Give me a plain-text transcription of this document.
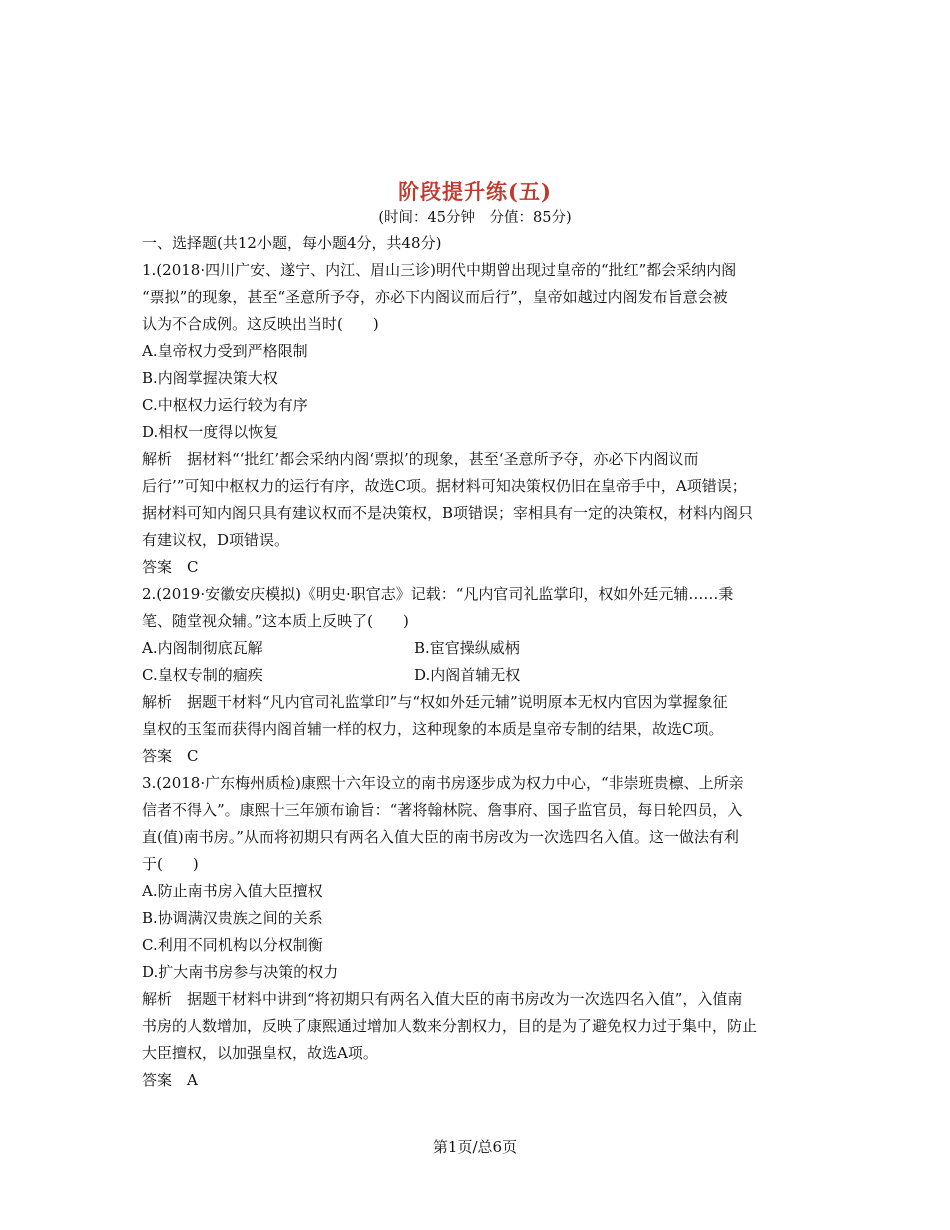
阶段提升练(五)
(时间：45分钟　分值：85分)
一、选择题(共12小题，每小题4分，共48分)
1.(2018·四川广安、遂宁、内江、眉山三诊)明代中期曾出现过皇帝的“批红”都会采纳内阁
“票拟”的现象，甚至“圣意所予夺，亦必下内阁议而后行”，皇帝如越过内阁发布旨意会被
认为不合成例。这反映出当时(　　)
A.皇帝权力受到严格限制
B.内阁掌握决策大权
C.中枢权力运行较为有序
D.相权一度得以恢复
解析　据材料“‘批红’都会采纳内阁‘票拟’的现象，甚至‘圣意所予夺，亦必下内阁议而
后行’”可知中枢权力的运行有序，故选C项。据材料可知决策权仍旧在皇帝手中，A项错误；
据材料可知内阁只具有建议权而不是决策权，B项错误；宰相具有一定的决策权，材料内阁只
有建议权，D项错误。
答案　C
2.(2019·安徽安庆模拟)《明史·职官志》记载：“凡内官司礼监掌印，权如外廷元辅……秉
笔、随堂视众辅。”这本质上反映了(　　)
A.内阁制彻底瓦解	B.宦官操纵威柄
C.皇权专制的痼疾	D.内阁首辅无权
解析　据题干材料“凡内官司礼监掌印”与“权如外廷元辅”说明原本无权内官因为掌握象征
皇权的玉玺而获得内阁首辅一样的权力，这种现象的本质是皇帝专制的结果，故选C项。
答案　C
3.(2018·广东梅州质检)康熙十六年设立的南书房逐步成为权力中心，“非崇班贵檩、上所亲
信者不得入”。康熙十三年颁布谕旨：“著将翰林院、詹事府、国子监官员，每日轮四员，入
直(值)南书房。”从而将初期只有两名入值大臣的南书房改为一次选四名入值。这一做法有利
于(　　)
A.防止南书房入值大臣擅权
B.协调满汉贵族之间的关系
C.利用不同机构以分权制衡
D.扩大南书房参与决策的权力
解析　据题干材料中讲到“将初期只有两名入值大臣的南书房改为一次选四名入值”，入值南
书房的人数增加，反映了康熙通过增加人数来分割权力，目的是为了避免权力过于集中，防止
大臣擅权，以加强皇权，故选A项。
答案　A
第1页/总6页
